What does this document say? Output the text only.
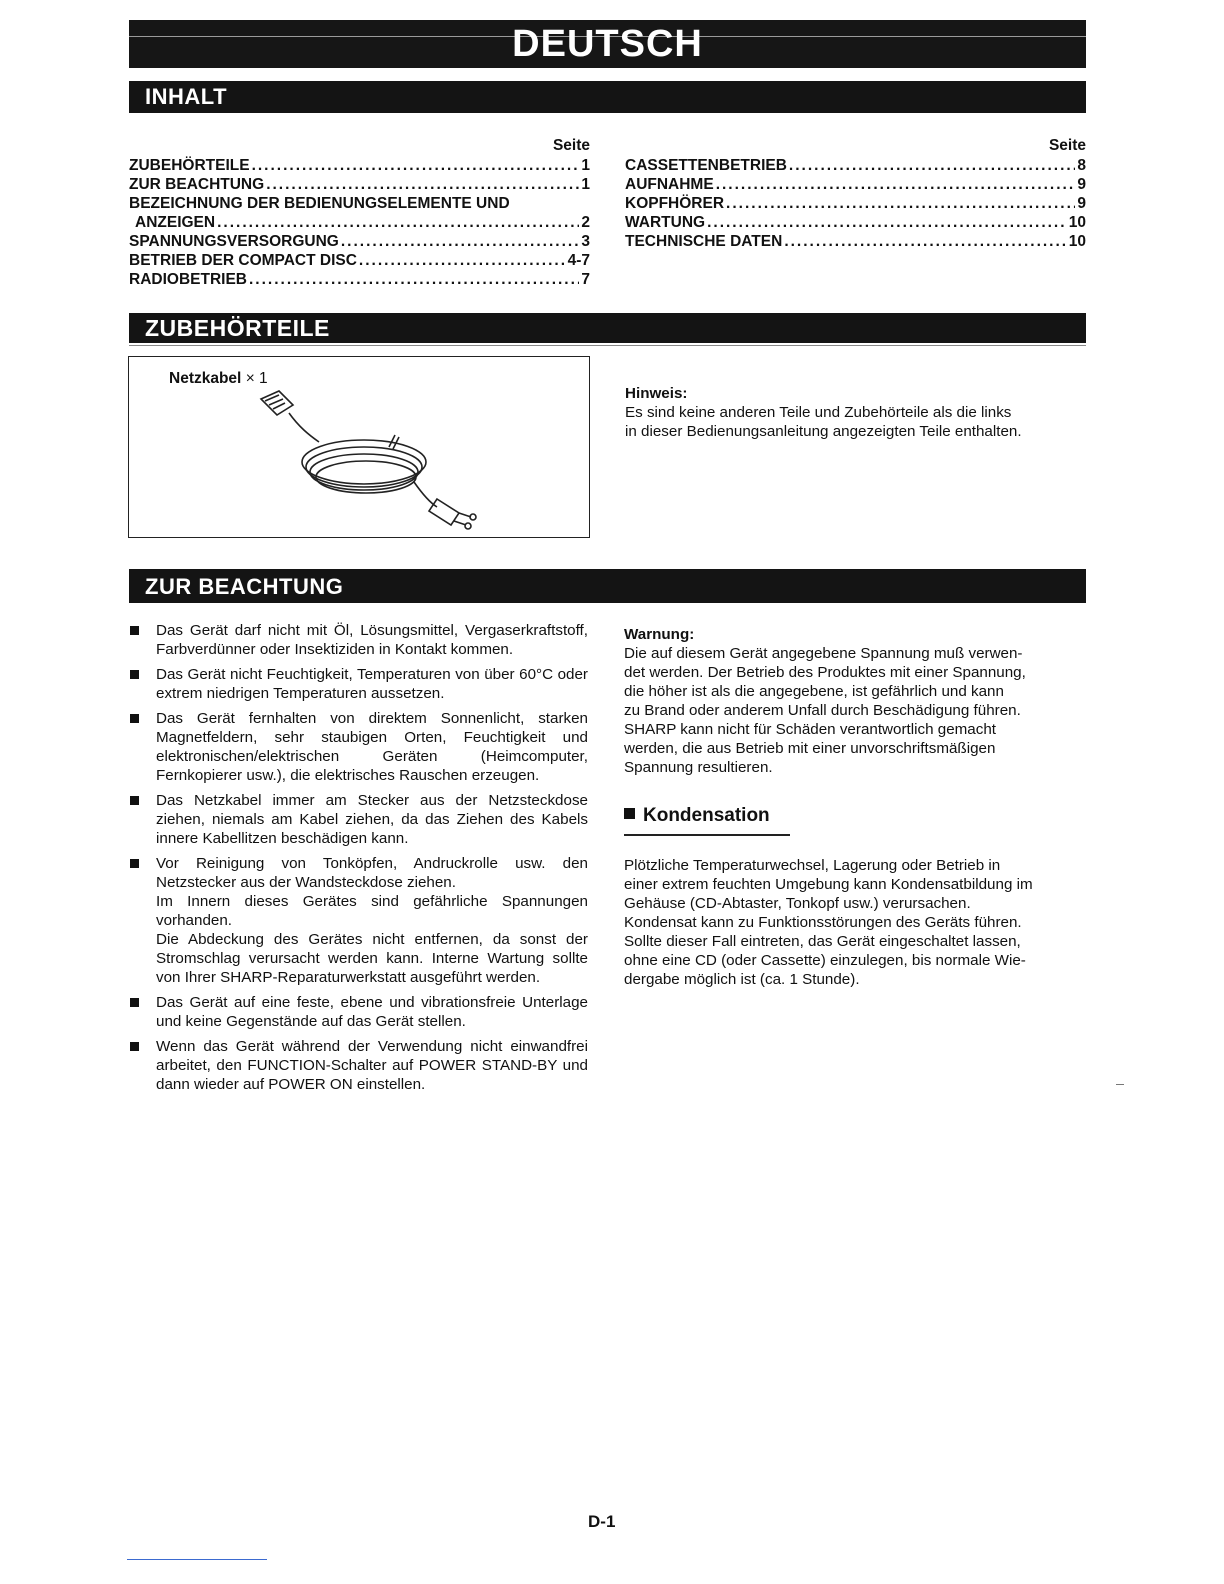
DEUTSCH
INHALT
Seite
ZUBEHÖRTEILE .....	1
ZUR BEACHTUNG .....	1
BEZEICHNUNG DER BEDIENUNGSELEMENTE UND
ANZEIGEN .....	2
SPANNUNGSVERSORGUNG .....	3
BETRIEB DER COMPACT DISC .....	4-7
RADIOBETRIEB .....	7
Seite
CASSETTENBETRIEB .....	8
AUFNAHME .....	9
KOPFHÖRER .....	9
WARTUNG .....	10
TECHNISCHE DATEN .....	10
ZUBEHÖRTEILE
Netzkabel × 1
Hinweis:
Es sind keine anderen Teile und Zubehörteile als die links
in dieser Bedienungsanleitung angezeigten Teile enthalten.
ZUR BEACHTUNG

Das Gerät darf nicht mit Öl, Lösungsmittel, Vergaserkraftstoff, Farbverdünner oder Insektiziden in Kontakt kommen.

Das Gerät nicht Feuchtigkeit, Temperaturen von über 60°C oder extrem niedrigen Temperaturen aussetzen.

Das Gerät fernhalten von direktem Sonnenlicht, starken Magnetfeldern, sehr staubigen Orten, Feuchtigkeit und elektronischen/elektrischen Geräten (Heimcomputer, Fernkopierer usw.), die elektrisches Rauschen erzeugen.

Das Netzkabel immer am Stecker aus der Netzsteckdose ziehen, niemals am Kabel ziehen, da das Ziehen des Kabels innere Kabellitzen beschädigen kann.

Vor Reinigung von Tonköpfen, Andruckrolle usw. den Netzstecker aus der Wandsteckdose ziehen.

Im Innern dieses Gerätes sind gefährliche Spannungen vorhanden.

Die Abdeckung des Gerätes nicht entfernen, da sonst der Stromschlag verursacht werden kann. Interne Wartung sollte von Ihrer SHARP-Reparaturwerkstatt ausgeführt werden.

Das Gerät auf eine feste, ebene und vibrationsfreie Unterlage und keine Gegenstände auf das Gerät stellen.

Wenn das Gerät während der Verwendung nicht einwandfrei arbeitet, den FUNCTION-Schalter auf POWER STAND-BY und dann wieder auf POWER ON einstellen.

Warnung:
Die auf diesem Gerät angegebene Spannung muß verwen-
det werden. Der Betrieb des Produktes mit einer Spannung,
die höher ist als die angegebene, ist gefährlich und kann
zu Brand oder anderem Unfall durch Beschädigung führen.
SHARP kann nicht für Schäden verantwortlich gemacht
werden, die aus Betrieb mit einer unvorschriftsmäßigen
Spannung resultieren.
Kondensation
Plötzliche Temperaturwechsel, Lagerung oder Betrieb in
einer extrem feuchten Umgebung kann Kondensatbildung im
Gehäuse (CD-Abtaster, Tonkopf usw.) verursachen.
Kondensat kann zu Funktionsstörungen des Geräts führen.
Sollte dieser Fall eintreten, das Gerät eingeschaltet lassen,
ohne eine CD (oder Cassette) einzulegen, bis normale Wie-
dergabe möglich ist (ca. 1 Stunde).
D-1
